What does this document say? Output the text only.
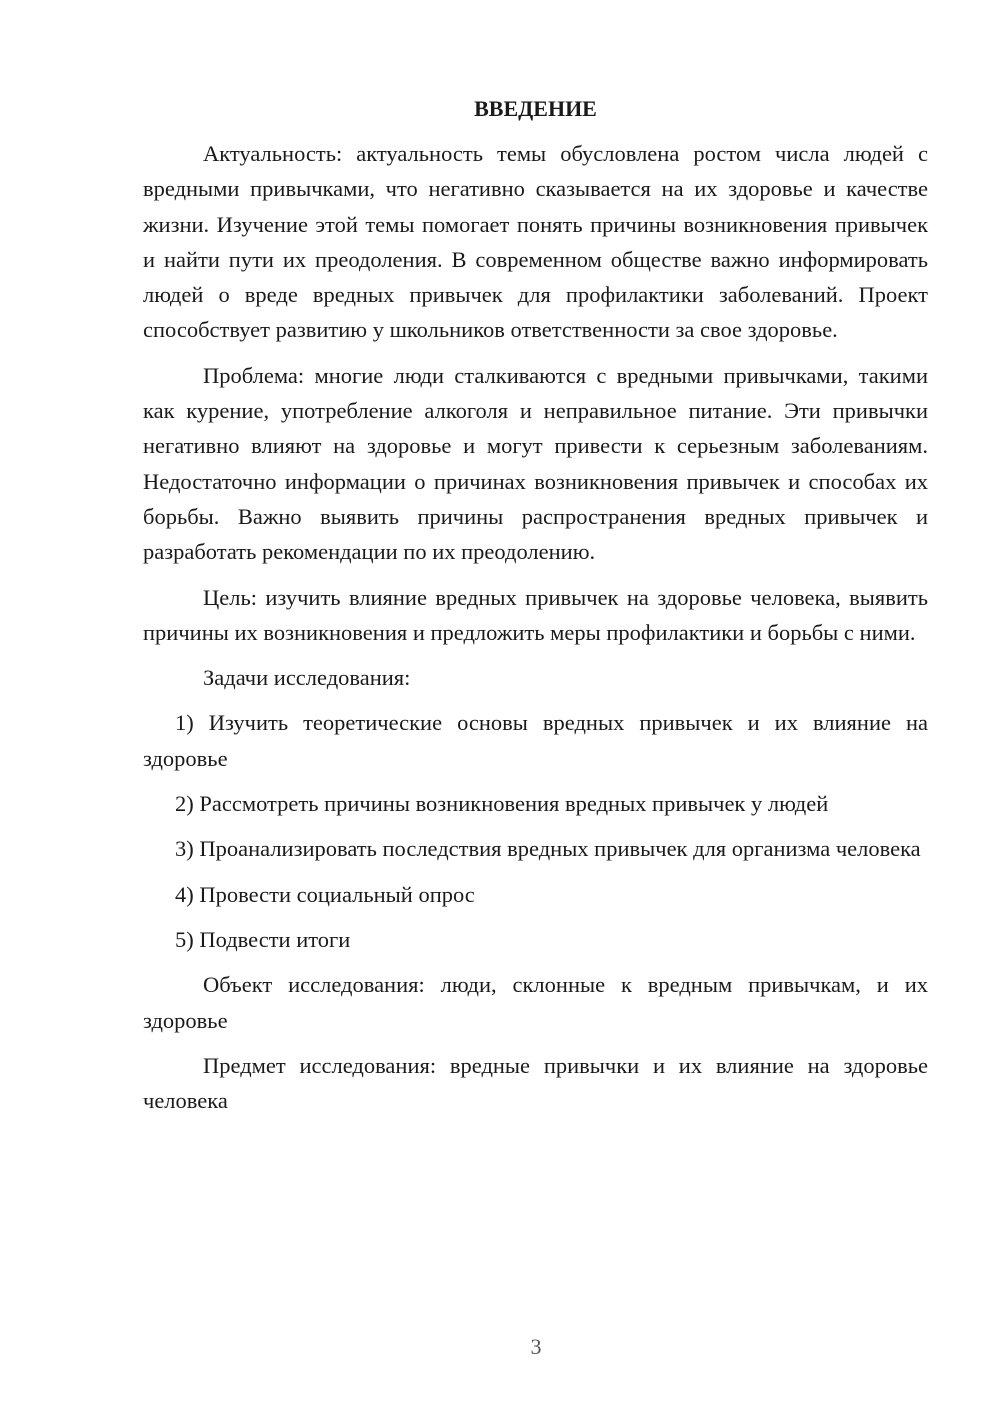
ВВЕДЕНИЕ

Актуальность: актуальность темы обусловлена ростом числа людей с вредными привычками, что негативно сказывается на их здоровье и качестве жизни. Изучение этой темы помогает понять причины возникновения привычек и найти пути их преодоления. В современном обществе важно информировать людей о вреде вредных привычек для профилактики заболеваний. Проект способствует развитию у школьников ответственности за свое здоровье.

Проблема: многие люди сталкиваются с вредными привычками, такими как курение, употребление алкоголя и неправильное питание. Эти привычки негативно влияют на здоровье и могут привести к серьезным заболеваниям. Недостаточно информации о причинах возникновения привычек и способах их борьбы. Важно выявить причины распространения вредных привычек и разработать рекомендации по их преодолению.

Цель: изучить влияние вредных привычек на здоровье человека, выявить причины их возникновения и предложить меры профилактики и борьбы с ними.

Задачи исследования:

1) Изучить теоретические основы вредных привычек и их влияние на здоровье

2) Рассмотреть причины возникновения вредных привычек у людей

3) Проанализировать последствия вредных привычек для организма человека

4) Провести социальный опрос

5) Подвести итоги

Объект исследования: люди, склонные к вредным привычкам, и их здоровье

Предмет исследования: вредные привычки и их влияние на здоровье человека

3
